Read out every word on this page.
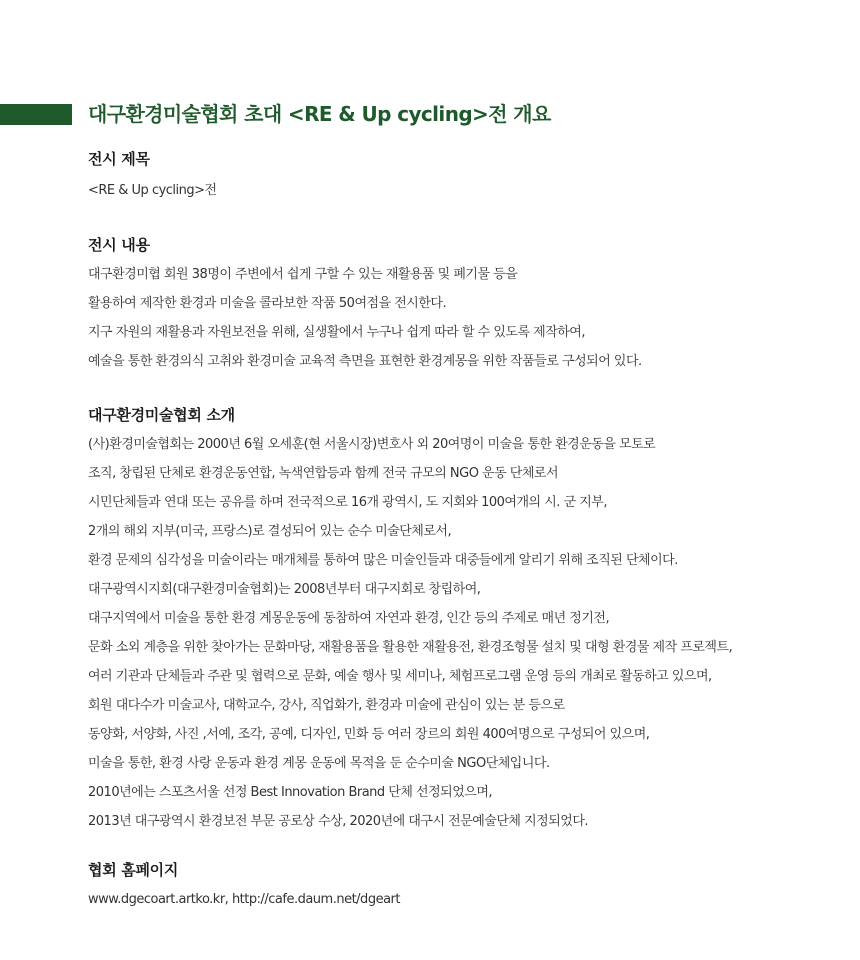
대구환경미술협회 초대 <RE & Up cycling>전 개요
전시 제목
<RE & Up cycling>전
전시 내용
대구환경미협 회원 38명이 주변에서 쉽게 구할 수 있는 재활용품 및 폐기물 등을
활용하여 제작한 환경과 미술을 콜라보한 작품 50여점을 전시한다.
지구 자원의 재활용과 자원보전을 위해, 실생활에서 누구나 쉽게 따라 할 수 있도록 제작하여,
예술을 통한 환경의식 고취와 환경미술 교육적 측면을 표현한 환경계몽을 위한 작품들로 구성되어 있다.
대구환경미술협회 소개
(사)환경미술협회는 2000년 6월 오세훈(현 서울시장)변호사 외 20여명이 미술을 통한 환경운동을 모토로
조직, 창립된 단체로 환경운동연합, 녹색연합등과 함께 전국 규모의 NGO 운동 단체로서
시민단체들과 연대 또는 공유를 하며 전국적으로 16개 광역시, 도 지회와 100여개의 시. 군 지부,
2개의 해외 지부(미국, 프랑스)로 결성되어 있는 순수 미술단체로서,
환경 문제의 심각성을 미술이라는 매개체를 통하여 많은 미술인들과 대중들에게 알리기 위해 조직된 단체이다.
대구광역시지회(대구환경미술협회)는 2008년부터 대구지회로 창립하여,
대구지역에서 미술을 통한 환경 계몽운동에 동참하여 자연과 환경, 인간 등의 주제로 매년 정기전,
문화 소외 계층을 위한 찾아가는 문화마당, 재활용품을 활용한 재활용전, 환경조형물 설치 및 대형 환경물 제작 프로젝트,
여러 기관과 단체들과 주관 및 협력으로 문화, 예술 행사 및 세미나, 체험프로그램 운영 등의 개최로 활동하고 있으며,
회원 대다수가 미술교사, 대학교수, 강사, 직업화가, 환경과 미술에 관심이 있는 분 등으로
동양화, 서양화, 사진 ,서예, 조각, 공예, 디자인, 민화 등 여러 장르의 회원 400여명으로 구성되어 있으며,
미술을 통한, 환경 사랑 운동과 환경 계몽 운동에 목적을 둔 순수미술 NGO단체입니다.
2010년에는 스포츠서울 선정 Best Innovation Brand 단체 선정되었으며,
2013년 대구광역시 환경보전 부문 공로상 수상, 2020년에 대구시 전문예술단체 지정되었다.
협회 홈페이지
www.dgecoart.artko.kr, http://cafe.daum.net/dgeart
